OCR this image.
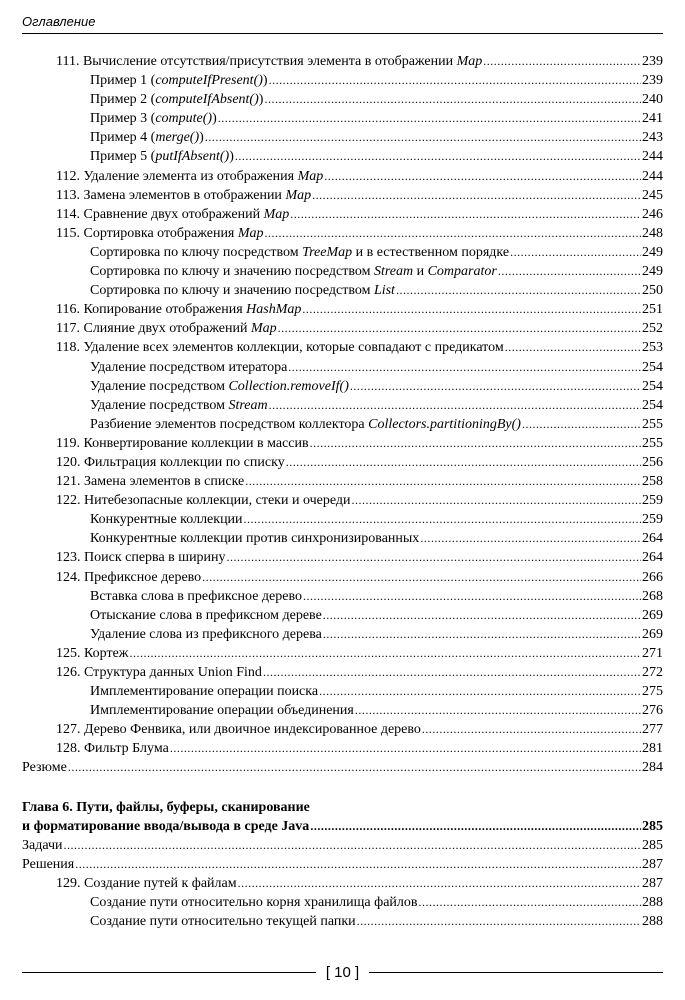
Оглавление
111. Вычисление отсутствия/присутствия элемента в отображении Map .....	239
Пример 1 (computeIfPresent()) .....	239
Пример 2 (computeIfAbsent()) .....	240
Пример 3 (compute()) .....	241
Пример 4 (merge()) .....	243
Пример 5 (putIfAbsent()) .....	244
112. Удаление элемента из отображения Map .....	244
113. Замена элементов в отображении Map .....	245
114. Сравнение двух отображений Map .....	246
115. Сортировка отображения Map .....	248
Сортировка по ключу посредством TreeMap и в естественном порядке .....	249
Сортировка по ключу и значению посредством Stream и Comparator .....	249
Сортировка по ключу и значению посредством List .....	250
116. Копирование отображения HashMap .....	251
117. Слияние двух отображений Map .....	252
118. Удаление всех элементов коллекции, которые совпадают с предикатом .....	253
Удаление посредством итератора .....	254
Удаление посредством Collection.removeIf() .....	254
Удаление посредством Stream .....	254
Разбиение элементов посредством коллектора Collectors.partitioningBy() .....	255
119. Конвертирование коллекции в массив .....	255
120. Фильтрация коллекции по списку .....	256
121. Замена элементов в списке .....	258
122. Нитебезопасные коллекции, стеки и очереди .....	259
Конкурентные коллекции .....	259
Конкурентные коллекции против синхронизированных .....	264
123. Поиск сперва в ширину .....	264
124. Префиксное дерево .....	266
Вставка слова в префиксное дерево .....	268
Отыскание слова в префиксном дереве .....	269
Удаление слова из префиксного дерева .....	269
125. Кортеж .....	271
126. Структура данных Union Find .....	272
Имплементирование операции поиска .....	275
Имплементирование операции объединения .....	276
127. Дерево Фенвика, или двоичное индексированное дерево .....	277
128. Фильтр Блума .....	281
Резюме .....	284
Глава 6. Пути, файлы, буферы, сканирование
и форматирование ввода/вывода в среде Java .....	285
Задачи .....	285
Решения .....	287
129. Создание путей к файлам .....	287
Создание пути относительно корня хранилища файлов .....	288
Создание пути относительно текущей папки .....	288
[ 10 ]
